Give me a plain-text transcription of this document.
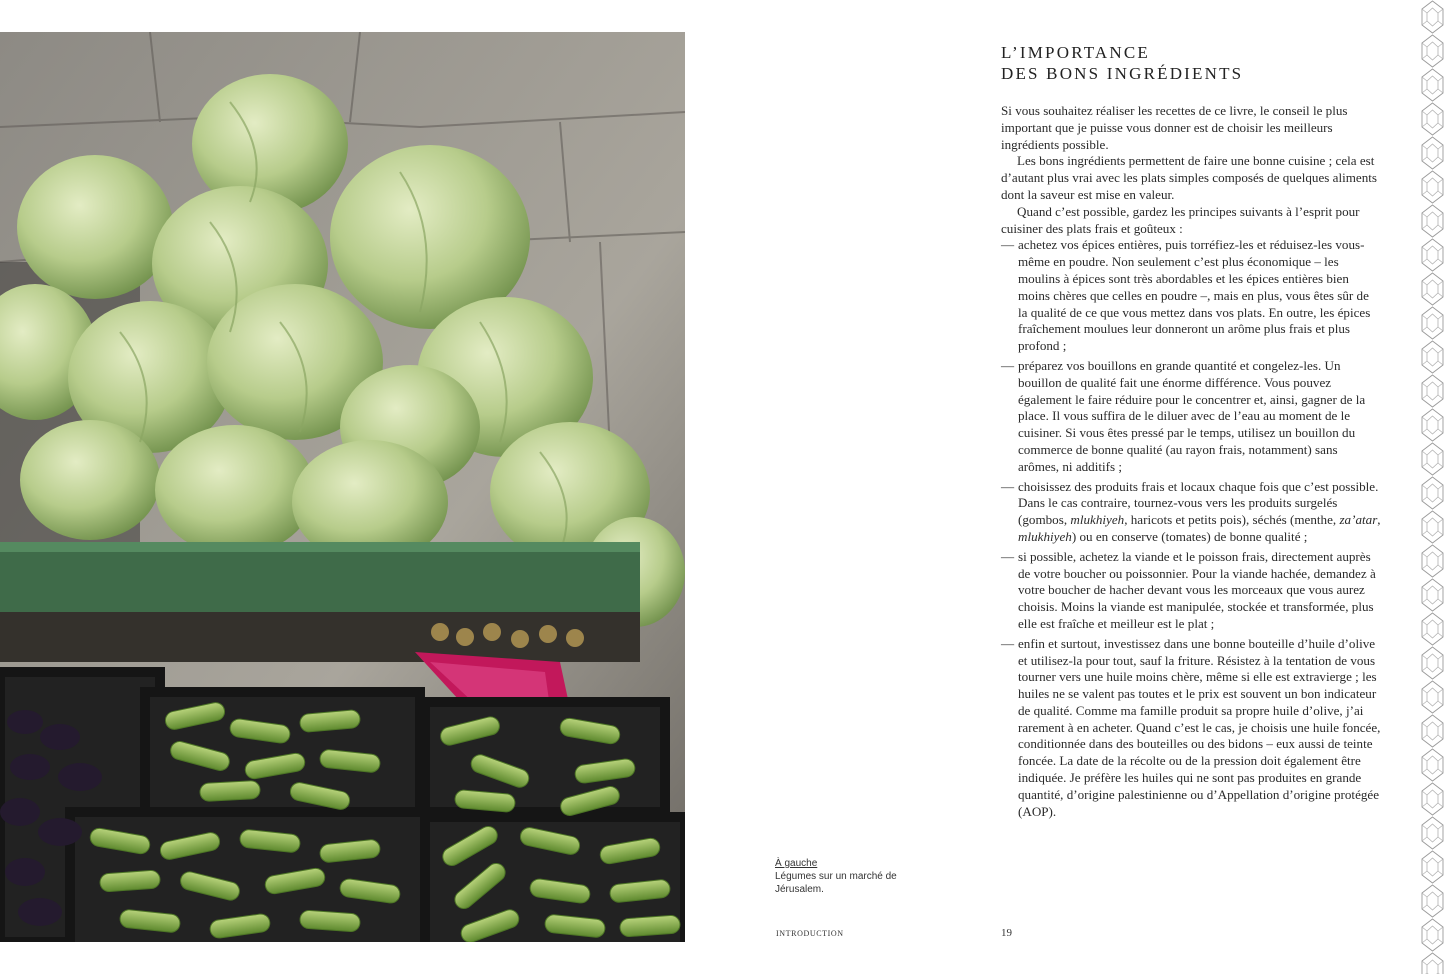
À gauche
Légumes sur un marché de Jérusalem.
INTRODUCTION	19
L’IMPORTANCE
DES BONS INGRÉDIENTS

Si vous souhaitez réaliser les recettes de ce livre, le conseil le plus important que je puisse vous donner est de choisir les meilleurs ingrédients possible.

Les bons ingrédients permettent de faire une bonne cuisine ; cela est d’autant plus vrai avec les plats simples composés de quelques aliments dont la saveur est mise en valeur.

Quand c’est possible, gardez les principes suivants à l’esprit pour cuisiner des plats frais et goûteux :

— achetez vos épices entières, puis torréfiez-les et réduisez-les vous-même en poudre. Non seulement c’est plus économique – les moulins à épices sont très abordables et les épices entières bien moins chères que celles en poudre –, mais en plus, vous êtes sûr de la qualité de ce que vous mettez dans vos plats. En outre, les épices fraîchement moulues leur donneront un arôme plus frais et plus profond ;
— préparez vos bouillons en grande quantité et congelez-les. Un bouillon de qualité fait une énorme différence. Vous pouvez également le faire réduire pour le concentrer et, ainsi, gagner de la place. Il vous suffira de le diluer avec de l’eau au moment de le cuisiner. Si vous êtes pressé par le temps, utilisez un bouillon du commerce de bonne qualité (au rayon frais, notamment) sans arômes, ni additifs ;
— choisissez des produits frais et locaux chaque fois que c’est possible. Dans le cas contraire, tournez-vous vers les produits surgelés (gombos, mlukhiyeh, haricots et petits pois), séchés (menthe, za’atar, mlukhiyeh) ou en conserve (tomates) de bonne qualité ;
— si possible, achetez la viande et le poisson frais, directement auprès de votre boucher ou poissonnier. Pour la viande hachée, demandez à votre boucher de hacher devant vous les morceaux que vous aurez choisis. Moins la viande est manipulée, stockée et transformée, plus elle est fraîche et meilleur est le plat ;
— enfin et surtout, investissez dans une bonne bouteille d’huile d’olive et utilisez-la pour tout, sauf la friture. Résistez à la tentation de vous tourner vers une huile moins chère, même si elle est extravierge ; les huiles ne se valent pas toutes et le prix est souvent un bon indicateur de qualité. Comme ma famille produit sa propre huile d’olive, j’ai rarement à en acheter. Quand c’est le cas, je choisis une huile foncée, conditionnée dans des bouteilles ou des bidons – eux aussi de teinte foncée. La date de la récolte ou de la pression doit également être indiquée. Je préfère les huiles qui ne sont pas produites en grande quantité, d’origine palestinienne ou d’Appellation d’origine protégée (AOP).
